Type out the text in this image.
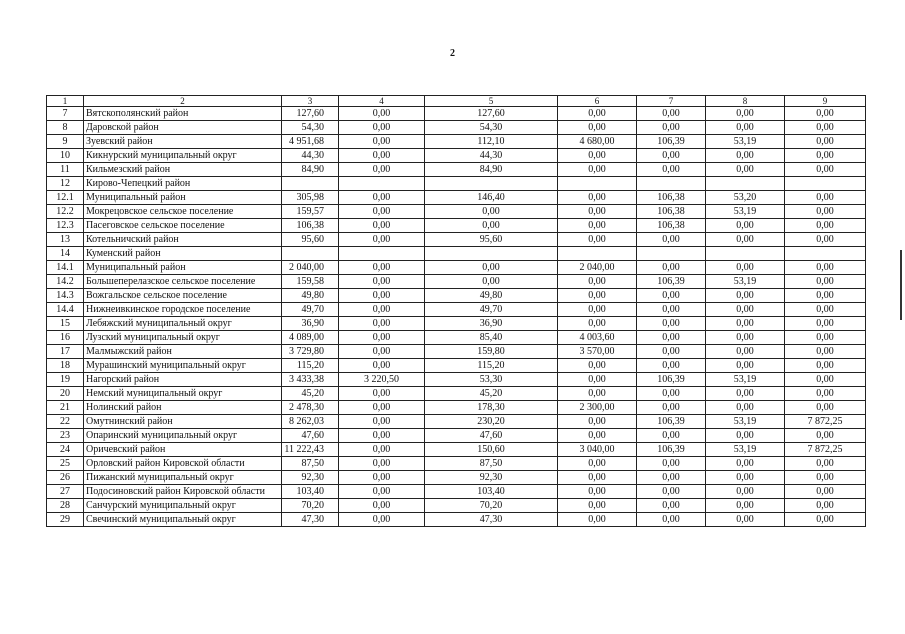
2
1	2	3	4	5	6	7	8	9
7	Вятскополянский район	127,60	0,00	127,60	0,00	0,00	0,00	0,00
8	Даровской район	54,30	0,00	54,30	0,00	0,00	0,00	0,00
9	Зуевский район	4 951,68	0,00	112,10	4 680,00	106,39	53,19	0,00
10	Кикнурский муниципальный округ	44,30	0,00	44,30	0,00	0,00	0,00	0,00
11	Кильмезский район	84,90	0,00	84,90	0,00	0,00	0,00	0,00
12	Кирово-Чепецкий район							
12.1	Муниципальный район	305,98	0,00	146,40	0,00	106,38	53,20	0,00
12.2	Мокрецовское сельское поселение	159,57	0,00	0,00	0,00	106,38	53,19	0,00
12.3	Пасеговское сельское поселение	106,38	0,00	0,00	0,00	106,38	0,00	0,00
13	Котельничский район	95,60	0,00	95,60	0,00	0,00	0,00	0,00
14	Куменский район							
14.1	Муниципальный район	2 040,00	0,00	0,00	2 040,00	0,00	0,00	0,00
14.2	Большеперелазское сельское поселение	159,58	0,00	0,00	0,00	106,39	53,19	0,00
14.3	Вожгальское сельское поселение	49,80	0,00	49,80	0,00	0,00	0,00	0,00
14.4	Нижнеивкинское городское поселение	49,70	0,00	49,70	0,00	0,00	0,00	0,00
15	Лебяжский муниципальный округ	36,90	0,00	36,90	0,00	0,00	0,00	0,00
16	Лузский муниципальный округ	4 089,00	0,00	85,40	4 003,60	0,00	0,00	0,00
17	Малмыжский район	3 729,80	0,00	159,80	3 570,00	0,00	0,00	0,00
18	Мурашинский муниципальный округ	115,20	0,00	115,20	0,00	0,00	0,00	0,00
19	Нагорский район	3 433,38	3 220,50	53,30	0,00	106,39	53,19	0,00
20	Немский муниципальный округ	45,20	0,00	45,20	0,00	0,00	0,00	0,00
21	Нолинский район	2 478,30	0,00	178,30	2 300,00	0,00	0,00	0,00
22	Омутнинский район	8 262,03	0,00	230,20	0,00	106,39	53,19	7 872,25
23	Опаринский муниципальный округ	47,60	0,00	47,60	0,00	0,00	0,00	0,00
24	Оричевский район	11 222,43	0,00	150,60	3 040,00	106,39	53,19	7 872,25
25	Орловский район Кировской области	87,50	0,00	87,50	0,00	0,00	0,00	0,00
26	Пижанский муниципальный округ	92,30	0,00	92,30	0,00	0,00	0,00	0,00
27	Подосиновский район Кировской области	103,40	0,00	103,40	0,00	0,00	0,00	0,00
28	Санчурский муниципальный округ	70,20	0,00	70,20	0,00	0,00	0,00	0,00
29	Свечинский муниципальный округ	47,30	0,00	47,30	0,00	0,00	0,00	0,00
